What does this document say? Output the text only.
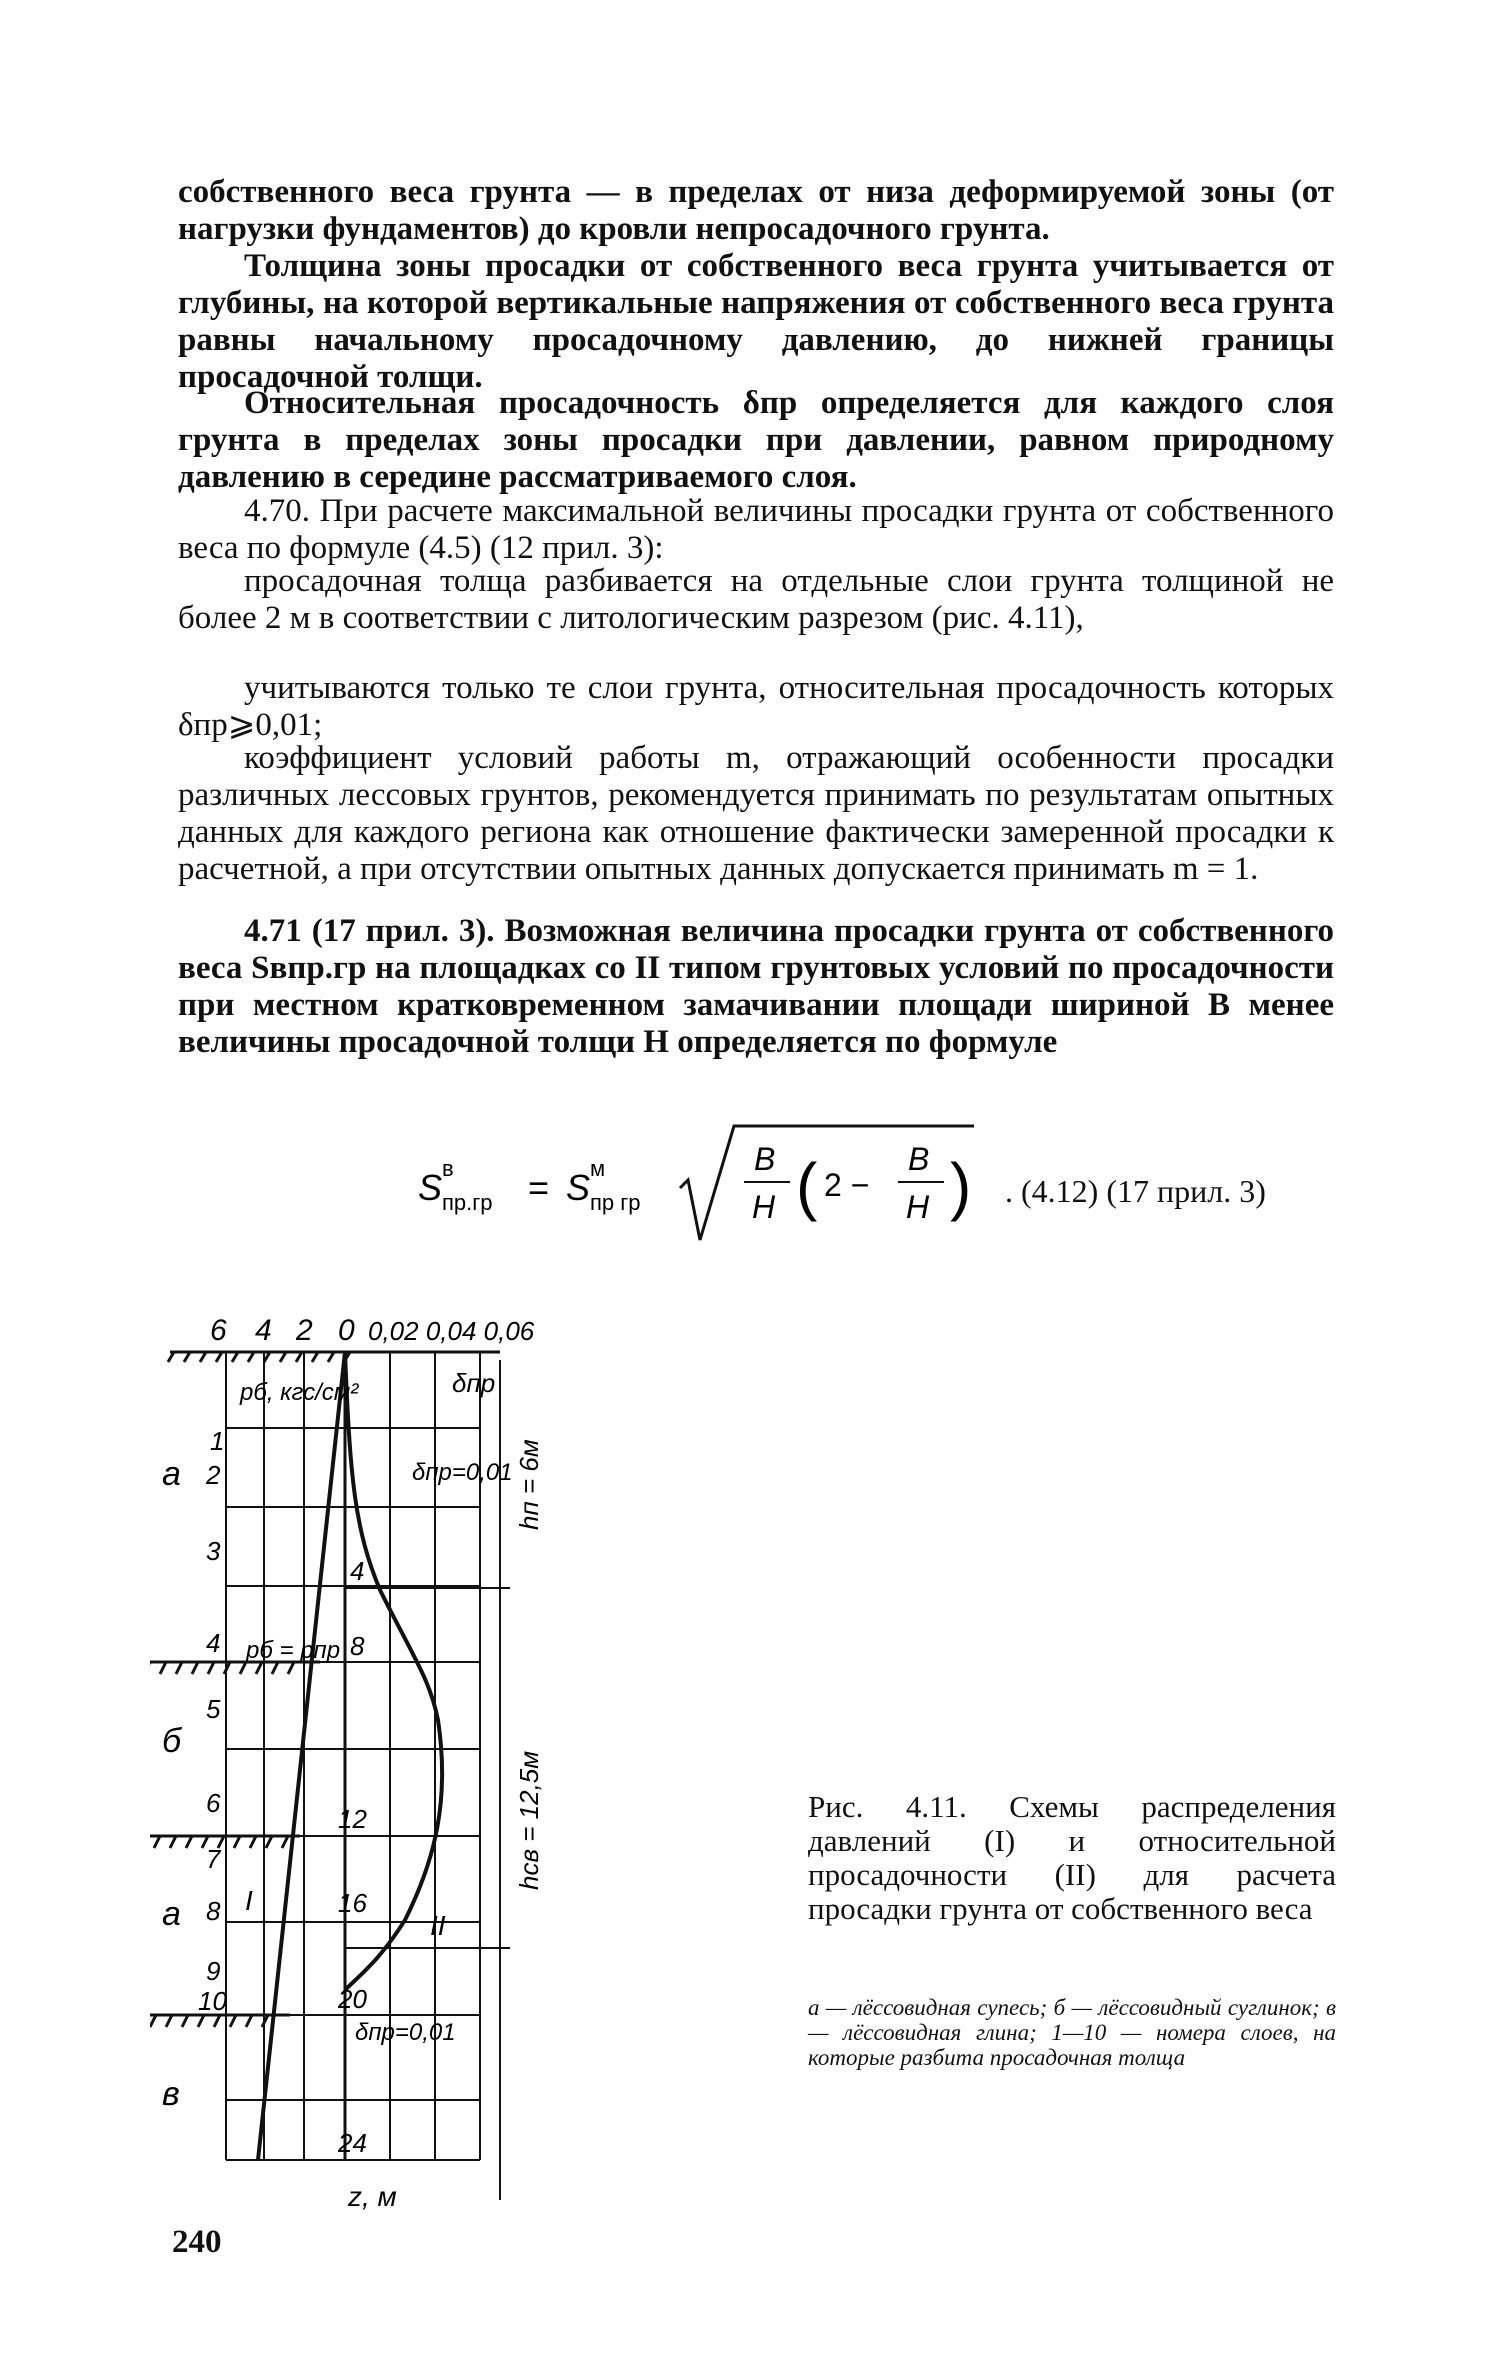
собственного веса грунта — в пределах от низа деформируемой зоны (от нагрузки фундаментов) до кровли непросадочного грунта.

Толщина зоны просадки от собственного веса грунта учитывается от глубины, на которой вертикальные напряжения от собственного веса грунта равны начальному просадочному давлению, до нижней границы просадочной толщи.

Относительная просадочность δпр определяется для каждого слоя грунта в пределах зоны просадки при давлении, равном природному давлению в середине рассматриваемого слоя.

4.70. При расчете максимальной величины просадки грунта от собственного веса по формуле (4.5) (12 прил. 3):

просадочная толща разбивается на отдельные слои грунта толщиной не более 2 м в соответствии с литологическим разрезом (рис. 4.11),

учитываются только те слои грунта, относительная просадочность которых δпр⩾0,01;

коэффициент условий работы m, отражающий особенности просадки различных лессовых грунтов, рекомендуется принимать по результатам опытных данных для каждого региона как отношение фактически замеренной просадки к расчетной, а при отсутствии опытных данных допускается принимать m = 1.

4.71 (17 прил. 3). Возможная величина просадки грунта от собственного веса Sвпр.гр на площадках со II типом грунтовых условий по просадочности при местном кратковременном замачивании площади шириной B менее величины просадочной толщи H определяется по формуле

S в
пр.гр = S м
пр гр
B
H ( 2 −
B
H ) . (4.12) (17 прил. 3)
6 4 2 0 0,02 0,04 0,06
pб, кгс/см²	δпр
δпр=0,01
pб = pпр
δпр=0,01
I
II
1
2
3
4
5
6
7
8
9
10
4
8
12
16
20
24
z, м
а
б
а
в
hп = 6м
hсв = 12,5м	Рис. 4.11. Схемы распределения давлений (I) и относительной просадочности (II) для расчета просадки грунта от собственного веса
а — лёссовидная супесь; б — лёссовидный суглинок; в — лёссовидная глина; 1—10 — номера слоев, на которые разбита просадочная толща
240
